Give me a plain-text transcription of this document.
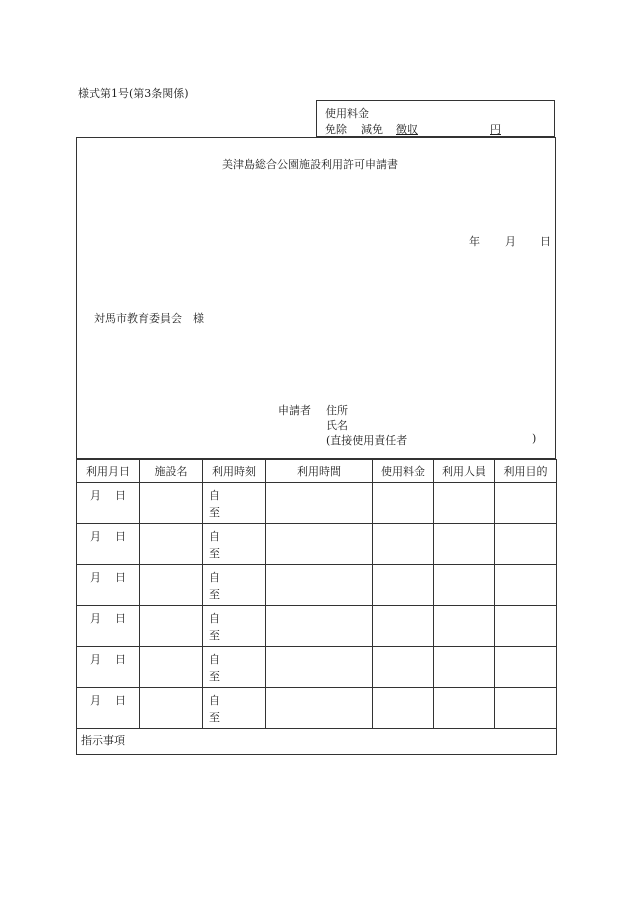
様式第1号(第3条関係)
使用料金
免除 減免 徴収	円
美津島総合公園施設利用許可申請書
年 月 日
対馬市教育委員会　様
申請者 住所
氏名
(直接使用責任者	)
利用月日	施設名	利用時刻	利用時間	使用料金	利用人員	利用目的
月 日		自
至				

月 日		自
至				

月 日		自
至				

月 日		自
至				

月 日		自
至				

月 日		自
至				

指示事項						
